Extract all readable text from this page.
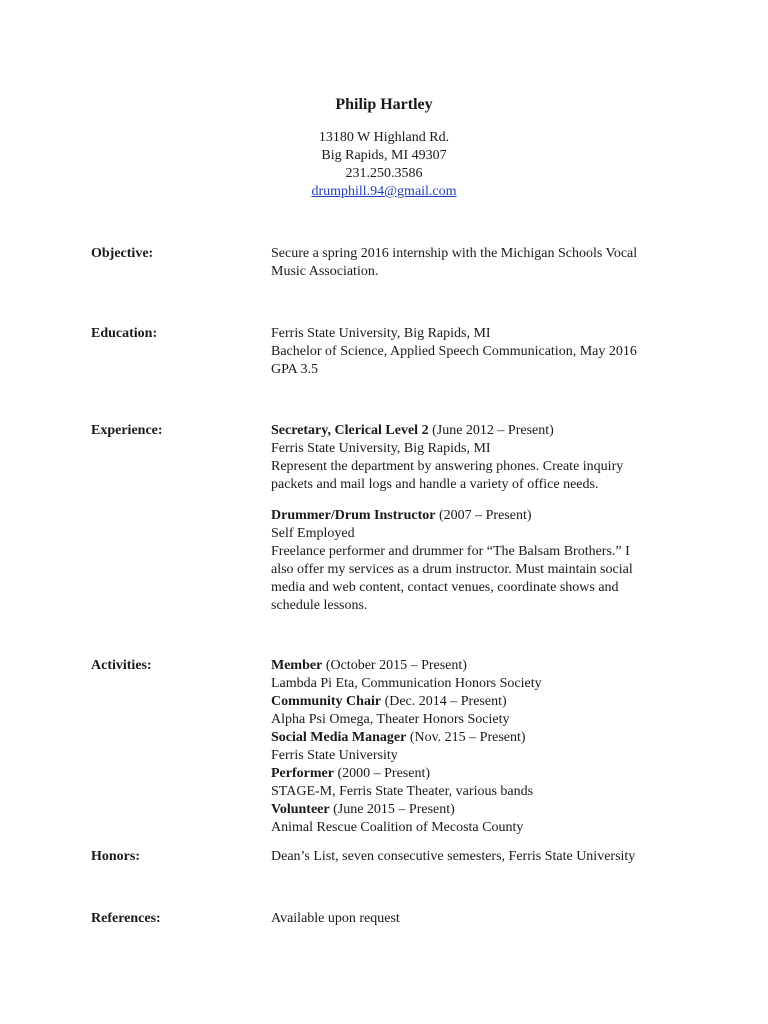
Philip Hartley
13180 W Highland Rd.
Big Rapids, MI 49307
231.250.3586
drumphill.94@gmail.com
Objective:	Secure a spring 2016 internship with the Michigan Schools Vocal
Music Association.
Education:	Ferris State University, Big Rapids, MI
Bachelor of Science, Applied Speech Communication, May 2016
GPA 3.5
Experience:	Secretary, Clerical Level 2 (June 2012 – Present)
Ferris State University, Big Rapids, MI
Represent the department by answering phones. Create inquiry
packets and mail logs and handle a variety of office needs.
Drummer/Drum Instructor (2007 – Present)
Self Employed
Freelance performer and drummer for “The Balsam Brothers.” I
also offer my services as a drum instructor. Must maintain social
media and web content, contact venues, coordinate shows and
schedule lessons.
Activities:	Member (October 2015 – Present)
Lambda Pi Eta, Communication Honors Society
Community Chair (Dec. 2014 – Present)
Alpha Psi Omega, Theater Honors Society
Social Media Manager (Nov. 215 – Present)
Ferris State University
Performer (2000 – Present)
STAGE-M, Ferris State Theater, various bands
Volunteer (June 2015 – Present)
Animal Rescue Coalition of Mecosta County
Honors:	Dean’s List, seven consecutive semesters, Ferris State University
References:	Available upon request
